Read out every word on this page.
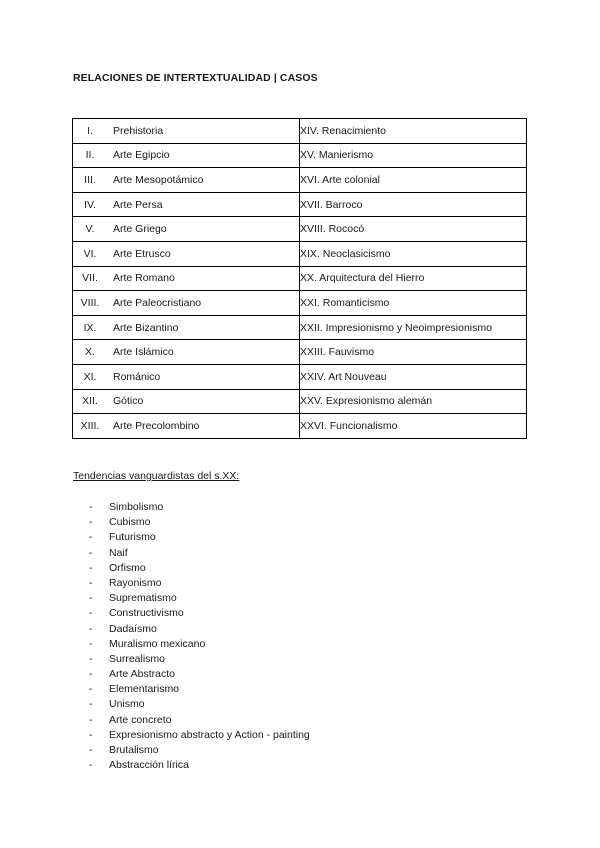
RELACIONES DE INTERTEXTUALIDAD | CASOS
I. Prehistoria	XIV. Renacimiento
II. Arte Egipcio	XV. Manierismo
III. Arte Mesopotámico	XVI. Arte colonial
IV. Arte Persa	XVII. Barroco
V. Arte Griego	XVIII. Rococó
VI. Arte Etrusco	XIX. Neoclasicismo
VII. Arte Romano	XX. Arquitectura del Hierro
VIII. Arte Paleocristiano	XXI. Romanticismo
IX. Arte Bizantino	XXII. Impresionismo y Neoimpresionismo
X. Arte Islámico	XXIII. Fauvismo
XI. Románico	XXIV. Art Nouveau
XII. Gótico	XXV. Expresionismo alemán
XIII. Arte Precolombino	XXVI. Funcionalismo
Tendencias vanguardistas del s.XX:
- Simbolismo
- Cubismo
- Futurismo
- Naif
- Orfismo
- Rayonismo
- Suprematismo
- Constructivismo
- Dadaísmo
- Muralismo mexicano
- Surrealismo
- Arte Abstracto
- Elementarismo
- Unismo
- Arte concreto
- Expresionismo abstracto y Action - painting
- Brutalismo
- Abstracción lírica
